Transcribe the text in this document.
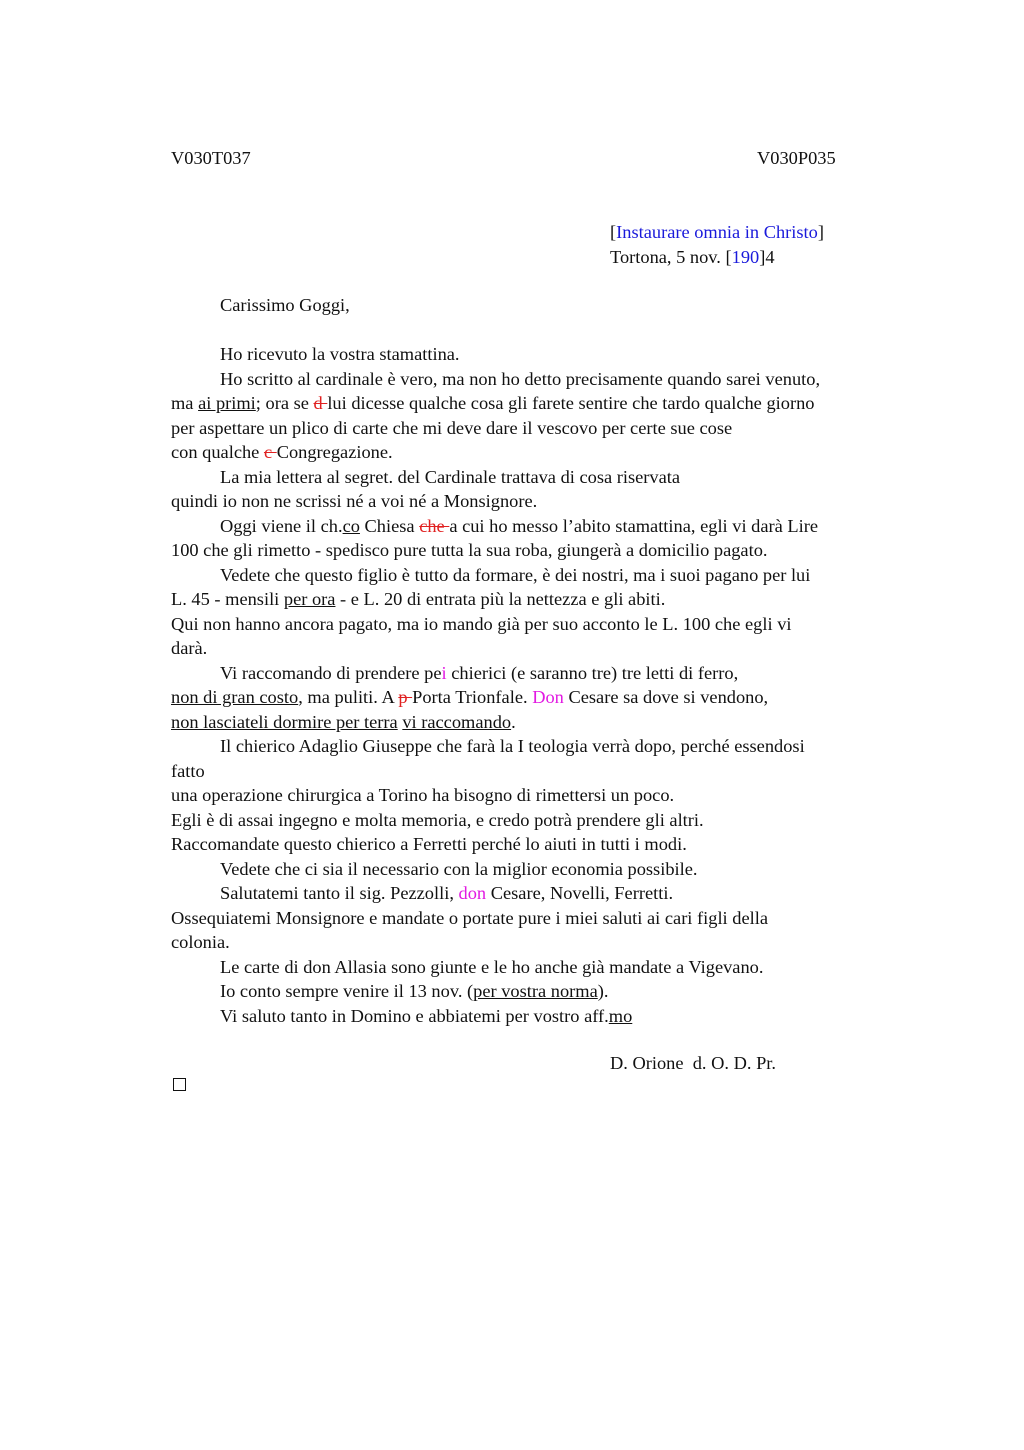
V030T037	V030P035
[Instaurare omnia in Christo]
Tortona, 5 nov. [190]4
Carissimo Goggi,
Ho ricevuto la vostra stamattina.
Ho scritto al cardinale è vero, ma non ho detto precisamente quando sarei venuto,
ma ai primi; ora se d lui dicesse qualche cosa gli farete sentire che tardo qualche giorno
per aspettare un plico di carte che mi deve dare il vescovo per certe sue cose
con qualche c Congregazione.
La mia lettera al segret. del Cardinale trattava di cosa riservata
quindi io non ne scrissi né a voi né a Monsignore.
Oggi viene il ch.co Chiesa che a cui ho messo l’abito stamattina, egli vi darà Lire
100 che gli rimetto - spedisco pure tutta la sua roba, giungerà a domicilio pagato.
Vedete che questo figlio è tutto da formare, è dei nostri, ma i suoi pagano per lui
L. 45 - mensili per ora - e L. 20 di entrata più la nettezza e gli abiti.
Qui non hanno ancora pagato, ma io mando già per suo acconto le L. 100 che egli vi
darà.
Vi raccomando di prendere pei chierici (e saranno tre) tre letti di ferro,
non di gran costo, ma puliti. A p Porta Trionfale. Don Cesare sa dove si vendono,
non lasciateli dormire per terra vi raccomando.
Il chierico Adaglio Giuseppe che farà la I teologia verrà dopo, perché essendosi
fatto
una operazione chirurgica a Torino ha bisogno di rimettersi un poco.
Egli è di assai ingegno e molta memoria, e credo potrà prendere gli altri.
Raccomandate questo chierico a Ferretti perché lo aiuti in tutti i modi.
Vedete che ci sia il necessario con la miglior economia possibile.
Salutatemi tanto il sig. Pezzolli, don Cesare, Novelli, Ferretti.
Ossequiatemi Monsignore e mandate o portate pure i miei saluti ai cari figli della
colonia.
Le carte di don Allasia sono giunte e le ho anche già mandate a Vigevano.
Io conto sempre venire il 13 nov. (per vostra norma).
Vi saluto tanto in Domino e abbiatemi per vostro aff.mo
D. Orione  d. O. D. Pr.
